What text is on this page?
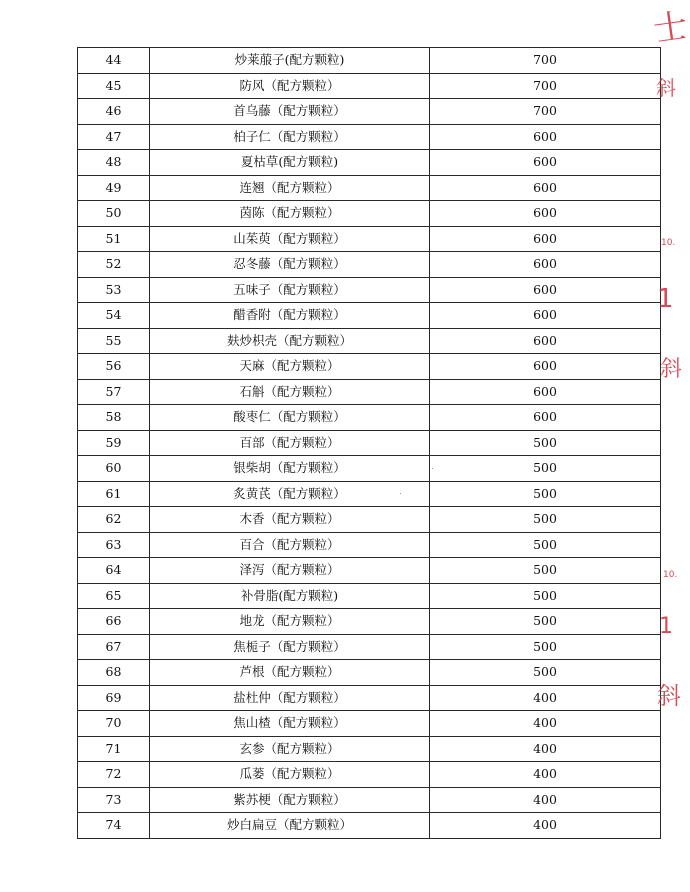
44	炒莱菔子(配方颗粒)	700
45	防风（配方颗粒）	700
46	首乌藤（配方颗粒）	700
47	柏子仁（配方颗粒）	600
48	夏枯草(配方颗粒)	600
49	连翘（配方颗粒）	600
50	茵陈（配方颗粒）	600
51	山茱萸（配方颗粒）	600
52	忍冬藤（配方颗粒）	600
53	五味子（配方颗粒）	600
54	醋香附（配方颗粒）	600
55	麸炒枳壳（配方颗粒）	600
56	天麻（配方颗粒）	600
57	石斛（配方颗粒）	600
58	酸枣仁（配方颗粒）	600
59	百部（配方颗粒）	500
60	银柴胡（配方颗粒）	500
61	炙黄芪（配方颗粒）	500
62	木香（配方颗粒）	500
63	百合（配方颗粒）	500
64	泽泻（配方颗粒）	500
65	补骨脂(配方颗粒)	500
66	地龙（配方颗粒）	500
67	焦栀子（配方颗粒）	500
68	芦根（配方颗粒）	500
69	盐杜仲（配方颗粒）	400
70	焦山楂（配方颗粒）	400
71	玄参（配方颗粒）	400
72	瓜蒌（配方颗粒）	400
73	紫苏梗（配方颗粒）	400
74	炒白扁豆（配方颗粒）	400
士
斜
10.
1
斜
10.
1
斜
